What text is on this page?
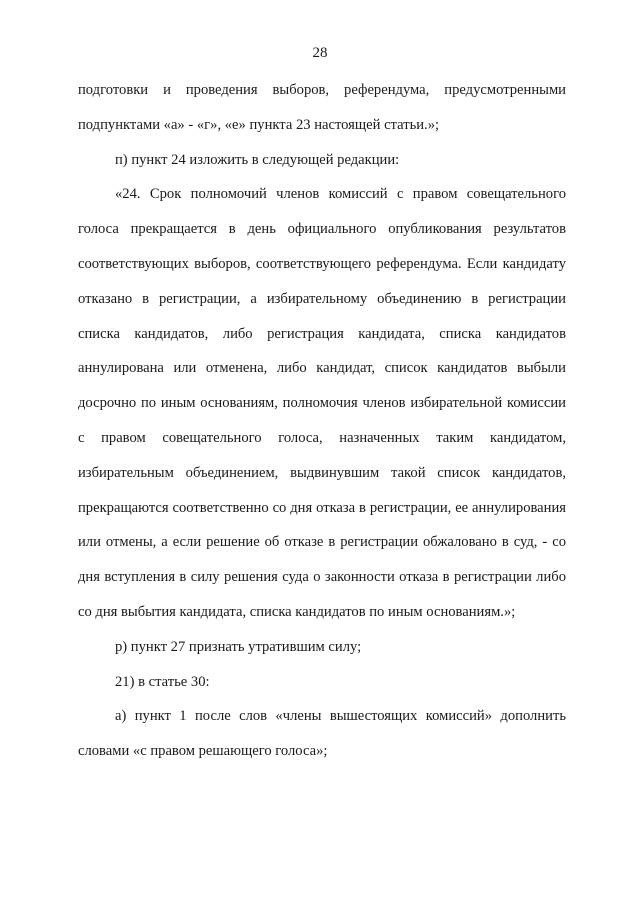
28

подготовки и проведения выборов, референдума, предусмотренными подпунктами «а» - «г», «е» пункта 23 настоящей статьи.»;

п) пункт 24 изложить в следующей редакции:

«24. Срок полномочий членов комиссий с правом совещательного голоса прекращается в день официального опубликования результатов соответствующих выборов, соответствующего референдума. Если кандидату отказано в регистрации, а избирательному объединению в регистрации списка кандидатов, либо регистрация кандидата, списка кандидатов аннулирована или отменена, либо кандидат, список кандидатов выбыли досрочно по иным основаниям, полномочия членов избирательной комиссии с правом совещательного голоса, назначенных таким кандидатом, избирательным объединением, выдвинувшим такой список кандидатов, прекращаются соответственно со дня отказа в регистрации, ее аннулирования или отмены, а если решение об отказе в регистрации обжаловано в суд, - со дня вступления в силу решения суда о законности отказа в регистрации либо со дня выбытия кандидата, списка кандидатов по иным основаниям.»;

р) пункт 27 признать утратившим силу;

21) в статье 30:

а) пункт 1 после слов «члены вышестоящих комиссий» дополнить словами «с правом решающего голоса»;
